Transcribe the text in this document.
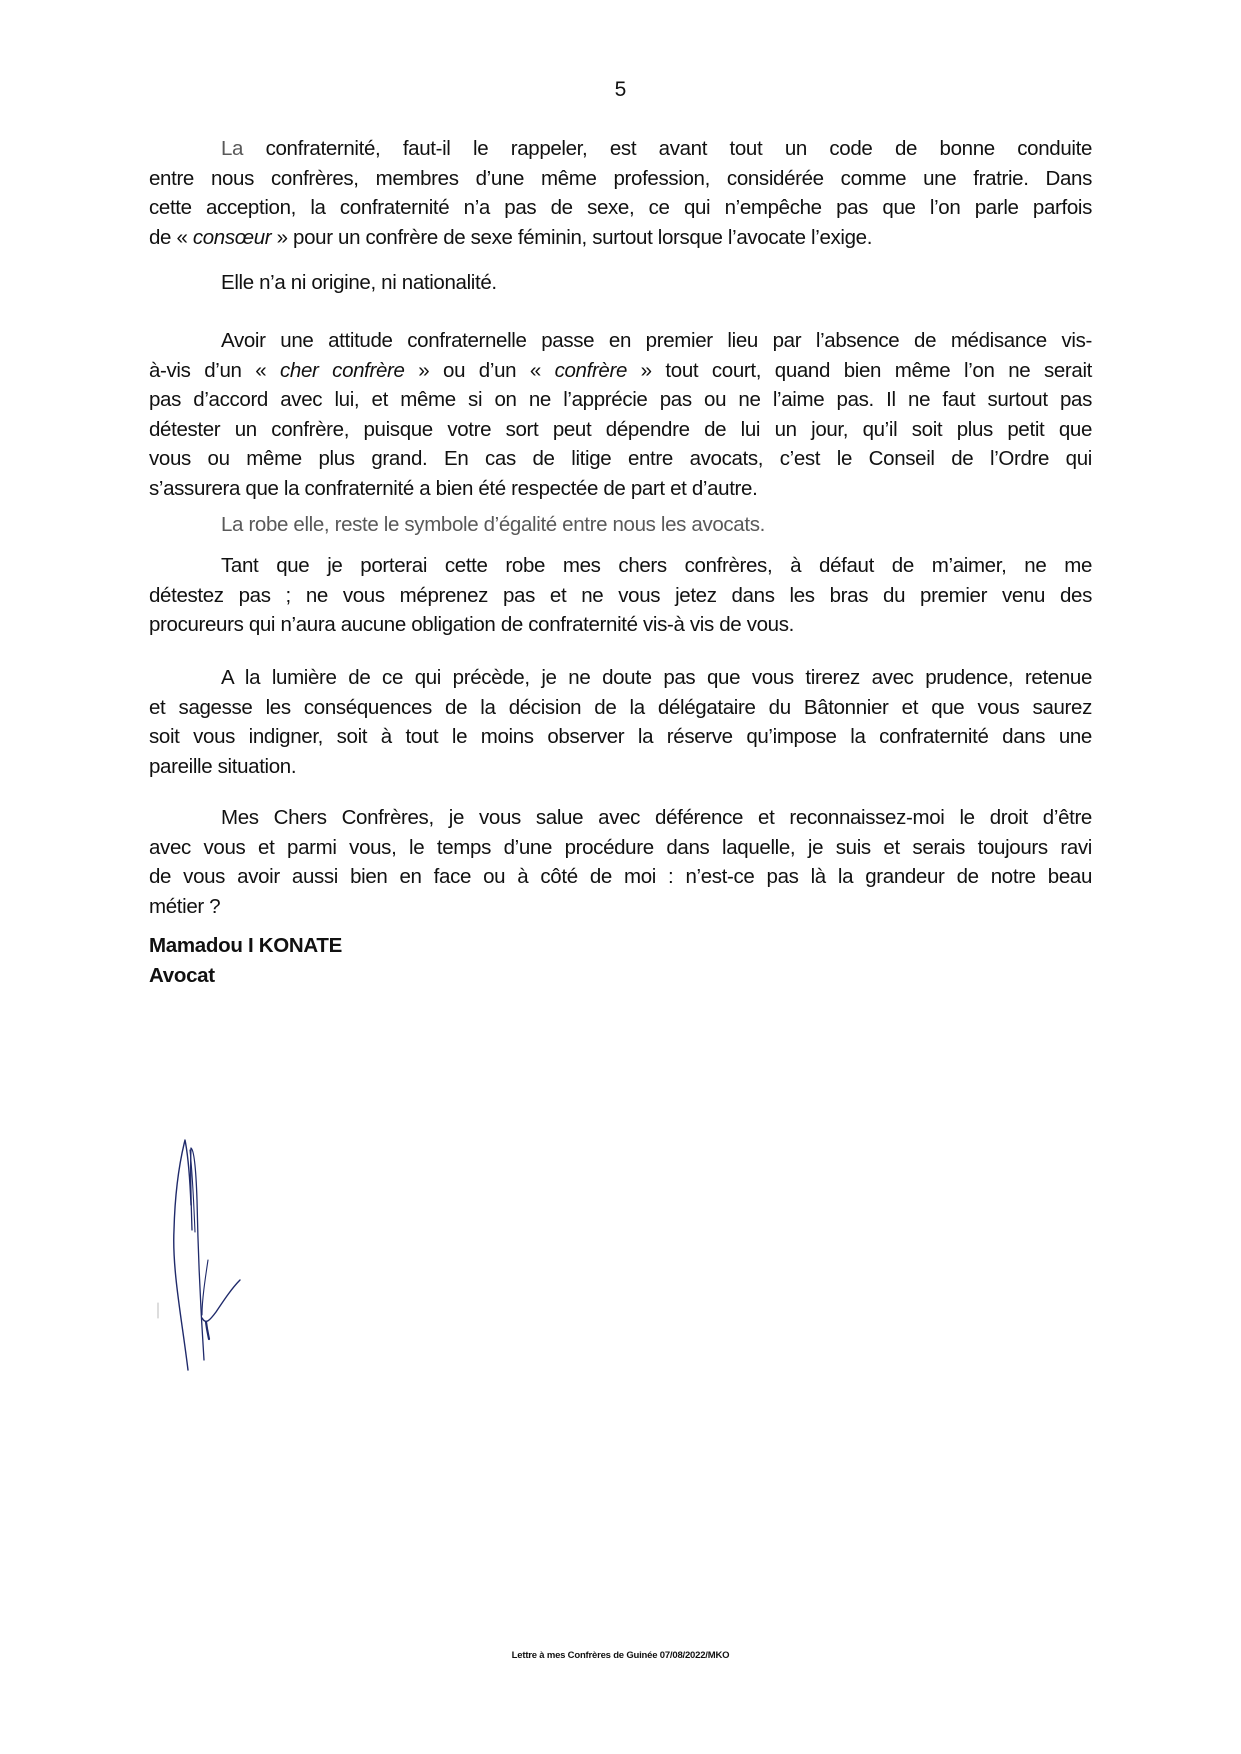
5
La confraternité, faut-il le rappeler, est avant tout un code de bonne conduite
entre nous confrères, membres d’une même profession, considérée comme une fratrie. Dans
cette acception, la confraternité n’a pas de sexe, ce qui n’empêche pas que l’on parle parfois
de « consœur » pour un confrère de sexe féminin, surtout lorsque l’avocate l’exige.
Elle n’a ni origine, ni nationalité.
Avoir une attitude confraternelle passe en premier lieu par l’absence de médisance vis-
à-vis d’un « cher confrère » ou d’un « confrère » tout court, quand bien même l’on ne serait
pas d’accord avec lui, et même si on ne l’apprécie pas ou ne l’aime pas. Il ne faut surtout pas
détester un confrère, puisque votre sort peut dépendre de lui un jour, qu’il soit plus petit que
vous ou même plus grand. En cas de litige entre avocats, c’est le Conseil de l’Ordre qui
s’assurera que la confraternité a bien été respectée de part et d’autre.
La robe elle, reste le symbole d’égalité entre nous les avocats.
Tant que je porterai cette robe mes chers confrères, à défaut de m’aimer, ne me
détestez pas ; ne vous méprenez pas et ne vous jetez dans les bras du premier venu des
procureurs qui n’aura aucune obligation de confraternité vis-à vis de vous.
A la lumière de ce qui précède, je ne doute pas que vous tirerez avec prudence, retenue
et sagesse les conséquences de la décision de la délégataire du Bâtonnier et que vous saurez
soit vous indigner, soit à tout le moins observer la réserve qu’impose la confraternité dans une
pareille situation.
Mes Chers Confrères, je vous salue avec déférence et reconnaissez-moi le droit d’être
avec vous et parmi vous, le temps d’une procédure dans laquelle, je suis et serais toujours ravi
de vous avoir aussi bien en face ou à côté de moi : n’est-ce pas là la grandeur de notre beau
métier ?
Mamadou I KONATE
Avocat
Lettre à mes Confrères de Guinée 07/08/2022/MKO
